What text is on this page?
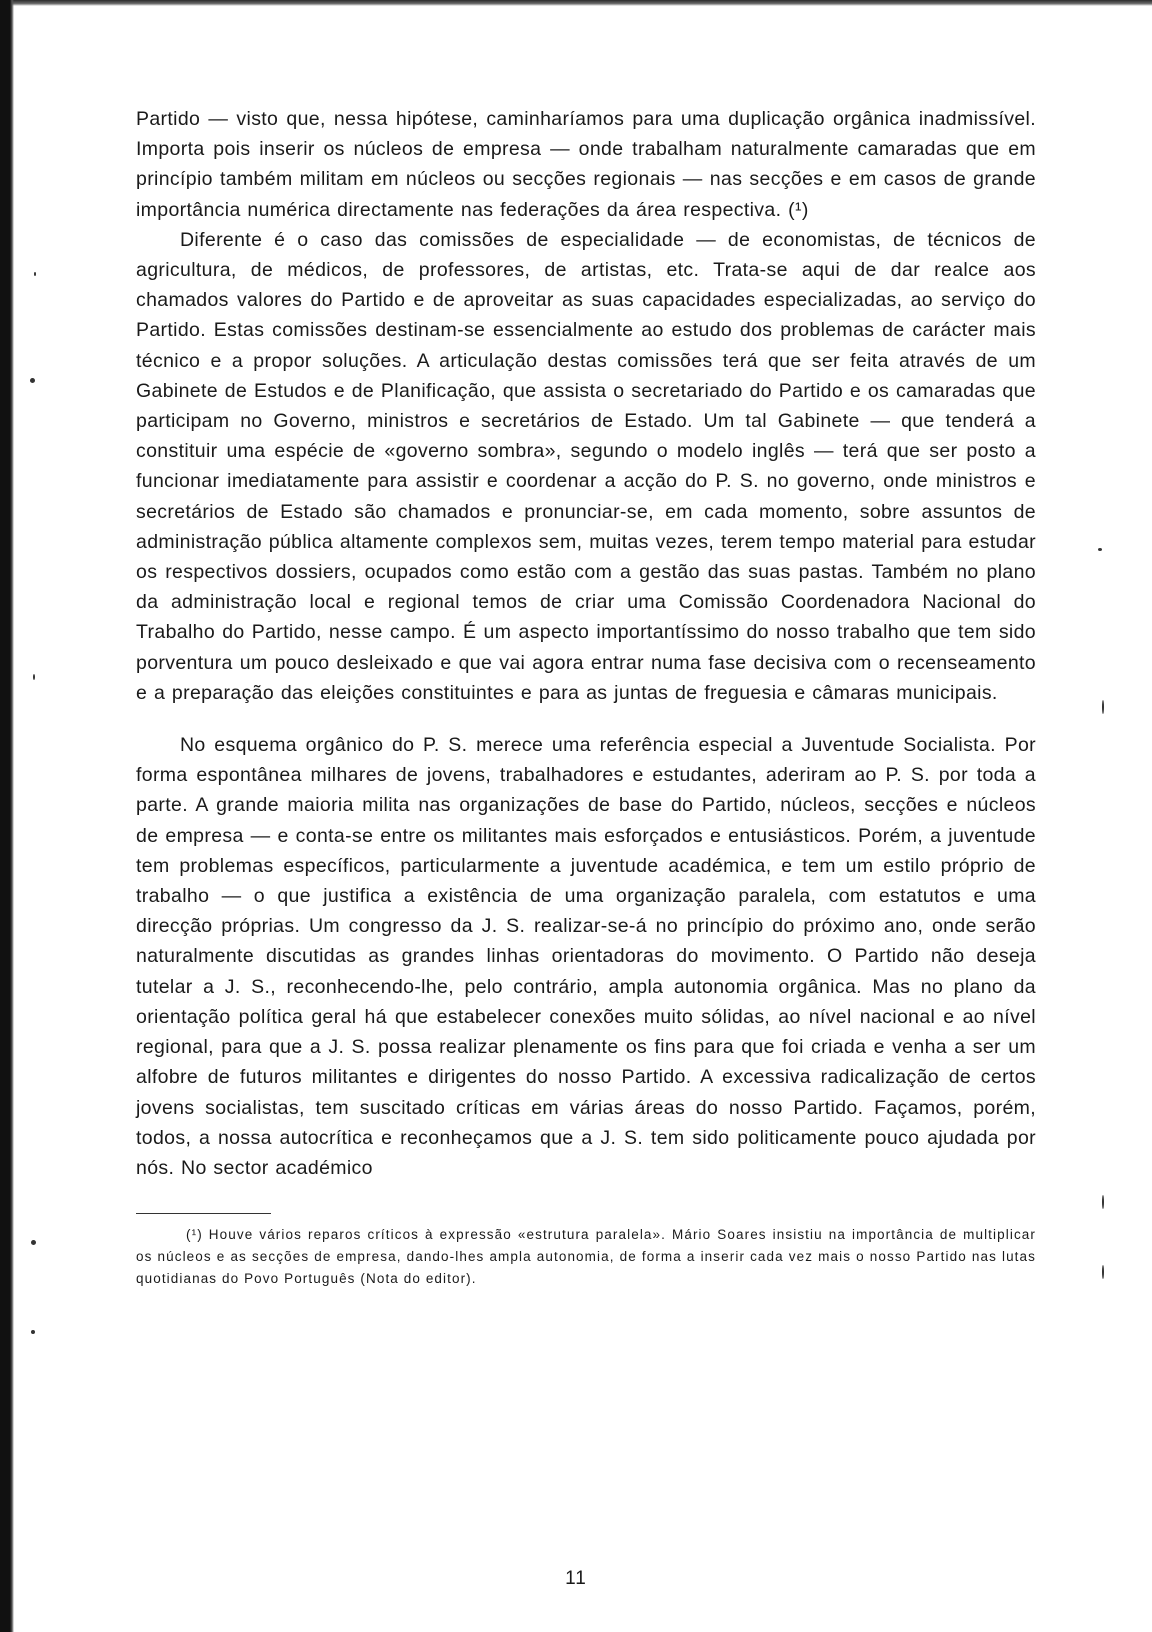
Partido — visto que, nessa hipótese, caminharíamos para uma duplicação orgânica inadmissível. Importa pois inserir os núcleos de empresa — onde trabalham naturalmente camaradas que em princípio também militam em núcleos ou secções regionais — nas secções e em casos de grande importância numérica directamente nas federações da área respectiva. (¹)

Diferente é o caso das comissões de especialidade — de economistas, de técnicos de agricultura, de médicos, de professores, de artistas, etc. Trata-se aqui de dar realce aos chamados valores do Partido e de aproveitar as suas capacidades especializadas, ao serviço do Partido. Estas comissões destinam-se essencialmente ao estudo dos problemas de carácter mais técnico e a propor soluções. A articulação destas comissões terá que ser feita através de um Gabinete de Estudos e de Planificação, que assista o secretariado do Partido e os camaradas que participam no Governo, ministros e secretários de Estado. Um tal Gabinete — que tenderá a constituir uma espécie de «governo sombra», segundo o modelo inglês — terá que ser posto a funcionar imediatamente para assistir e coordenar a acção do P. S. no governo, onde ministros e secretários de Estado são chamados e pronunciar-se, em cada momento, sobre assuntos de administração pública altamente complexos sem, muitas vezes, terem tempo material para estudar os respectivos dossiers, ocupados como estão com a gestão das suas pastas. Também no plano da administração local e regional temos de criar uma Comissão Coordenadora Nacional do Trabalho do Partido, nesse campo. É um aspecto importantíssimo do nosso trabalho que tem sido porventura um pouco desleixado e que vai agora entrar numa fase decisiva com o recenseamento e a preparação das eleições constituintes e para as juntas de freguesia e câmaras municipais.

No esquema orgânico do P. S. merece uma referência especial a Juventude Socialista. Por forma espontânea milhares de jovens, trabalhadores e estudantes, aderiram ao P. S. por toda a parte. A grande maioria milita nas organizações de base do Partido, núcleos, secções e núcleos de empresa — e conta-se entre os militantes mais esforçados e entusiásticos. Porém, a juventude tem problemas específicos, particularmente a juventude académica, e tem um estilo próprio de trabalho — o que justifica a existência de uma organização paralela, com estatutos e uma direcção próprias. Um congresso da J. S. realizar-se-á no princípio do próximo ano, onde serão naturalmente discutidas as grandes linhas orientadoras do movimento. O Partido não deseja tutelar a J. S., reconhecendo-lhe, pelo contrário, ampla autonomia orgânica. Mas no plano da orientação política geral há que estabelecer conexões muito sólidas, ao nível nacional e ao nível regional, para que a J. S. possa realizar plenamente os fins para que foi criada e venha a ser um alfobre de futuros militantes e dirigentes do nosso Partido. A excessiva radicalização de certos jovens socialistas, tem suscitado críticas em várias áreas do nosso Partido. Façamos, porém, todos, a nossa autocrítica e reconheçamos que a J. S. tem sido politicamente pouco ajudada por nós. No sector académico

(¹) Houve vários reparos críticos à expressão «estrutura paralela». Mário Soares insistiu na importância de multiplicar os núcleos e as secções de empresa, dando-lhes ampla autonomia, de forma a inserir cada vez mais o nosso Partido nas lutas quotidianas do Povo Português (Nota do editor).

11
